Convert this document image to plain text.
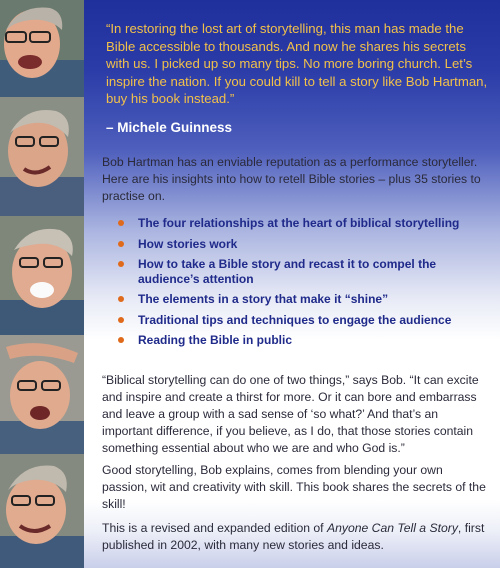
“In restoring the lost art of storytelling, this man has made the Bible accessible to thousands. And now he shares his secrets with us. I picked up so many tips. No more boring church. Let’s inspire the nation. If you could kill to tell a story like Bob Hartman, buy his book instead.”
– Michele Guinness
Bob Hartman has an enviable reputation as a performance storyteller. Here are his insights into how to retell Bible stories – plus 35 stories to practise on.
The four relationships at the heart of biblical storytelling
How stories work
How to take a Bible story and recast it to compel the audience’s attention
The elements in a story that make it “shine”
Traditional tips and techniques to engage the audience
Reading the Bible in public
“Biblical storytelling can do one of two things,” says Bob. “It can excite and inspire and create a thirst for more. Or it can bore and embarrass and leave a group with a sad sense of ‘so what?’ And that’s an important difference, if you believe, as I do, that those stories contain something essential about who we are and who God is.”
Good storytelling, Bob explains, comes from blending your own passion, wit and creativity with skill. This book shares the secrets of the skill!
This is a revised and expanded edition of Anyone Can Tell a Story, first published in 2002, with many new stories and ideas.
